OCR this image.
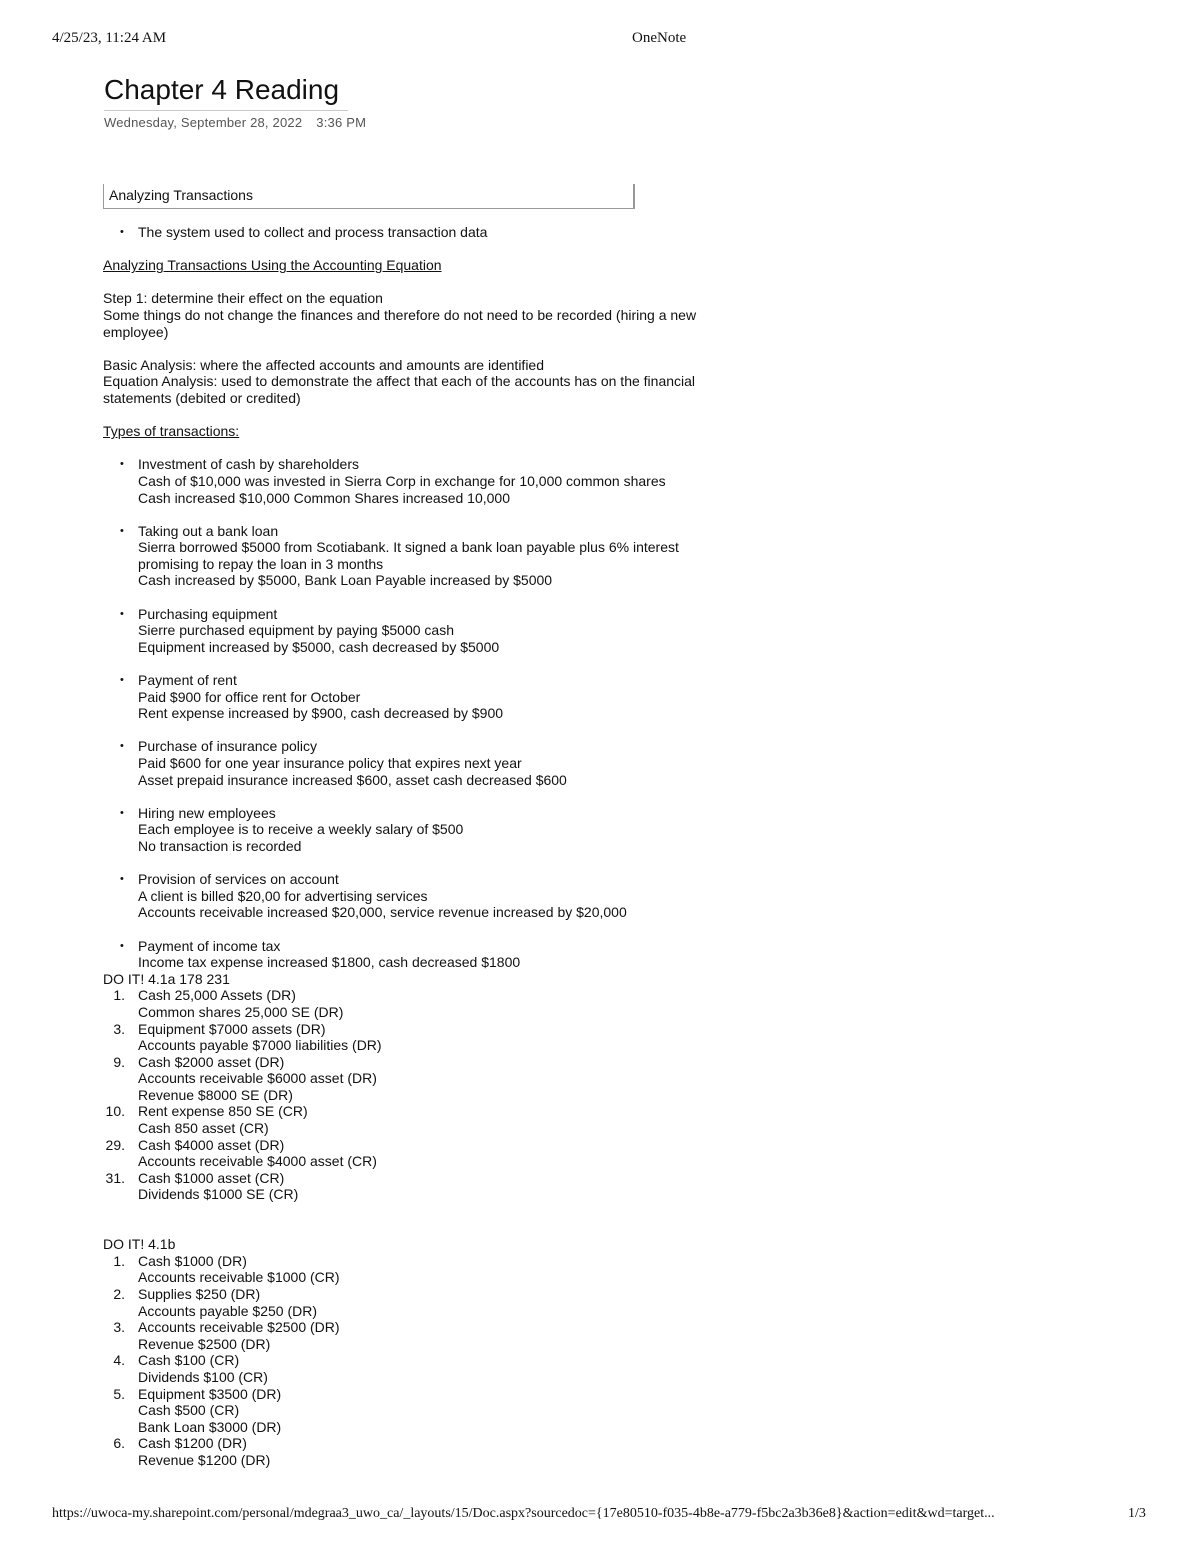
4/25/23, 11:24 AM	OneNote
Chapter 4 Reading
Wednesday, September 28, 2022 3:36 PM
Analyzing Transactions
• The system used to collect and process transaction data

Analyzing Transactions Using the Accounting Equation

Step 1: determine their effect on the equation

Some things do not change the finances and therefore do not need to be recorded (hiring a new employee)

Basic Analysis: where the affected accounts and amounts are identified

Equation Analysis: used to demonstrate the affect that each of the accounts has on the financial statements (debited or credited)

Types of transactions:

• Investment of cash by shareholders
Cash of $10,000 was invested in Sierra Corp in exchange for 10,000 common shares
Cash increased $10,000 Common Shares increased 10,000
• Taking out a bank loan
Sierra borrowed $5000 from Scotiabank. It signed a bank loan payable plus 6% interest promising to repay the loan in 3 months
Cash increased by $5000, Bank Loan Payable increased by $5000
• Purchasing equipment
Sierre purchased equipment by paying $5000 cash
Equipment increased by $5000, cash decreased by $5000
• Payment of rent
Paid $900 for office rent for October
Rent expense increased by $900, cash decreased by $900
• Purchase of insurance policy
Paid $600 for one year insurance policy that expires next year
Asset prepaid insurance increased $600, asset cash decreased $600
• Hiring new employees
Each employee is to receive a weekly salary of $500
No transaction is recorded
• Provision of services on account
A client is billed $20,00 for advertising services
Accounts receivable increased $20,000, service revenue increased by $20,000
• Payment of income tax
Income tax expense increased $1800, cash decreased $1800

DO IT! 4.1a 178 231

1. Cash 25,000 Assets (DR)
Common shares 25,000 SE (DR)
3. Equipment $7000 assets (DR)
Accounts payable $7000 liabilities (DR)
9. Cash $2000 asset (DR)
Accounts receivable $6000 asset (DR)
Revenue $8000 SE (DR)
10. Rent expense 850 SE (CR)
Cash 850 asset (CR)
29. Cash $4000 asset (DR)
Accounts receivable $4000 asset (CR)
31. Cash $1000 asset (CR)
Dividends $1000 SE (CR)

DO IT! 4.1b

1. Cash $1000 (DR)
Accounts receivable $1000 (CR)
2. Supplies $250 (DR)
Accounts payable $250 (DR)
3. Accounts receivable $2500 (DR)
Revenue $2500 (DR)
4. Cash $100 (CR)
Dividends $100 (CR)
5. Equipment $3500 (DR)
Cash $500 (CR)
Bank Loan $3000 (DR)
6. Cash $1200 (DR)
Revenue $1200 (DR)
https://uwoca-my.sharepoint.com/personal/mdegraa3_uwo_ca/_layouts/15/Doc.aspx?sourcedoc={17e80510-f035-4b8e-a779-f5bc2a3b36e8}&action=edit&wd=target...	1/3
